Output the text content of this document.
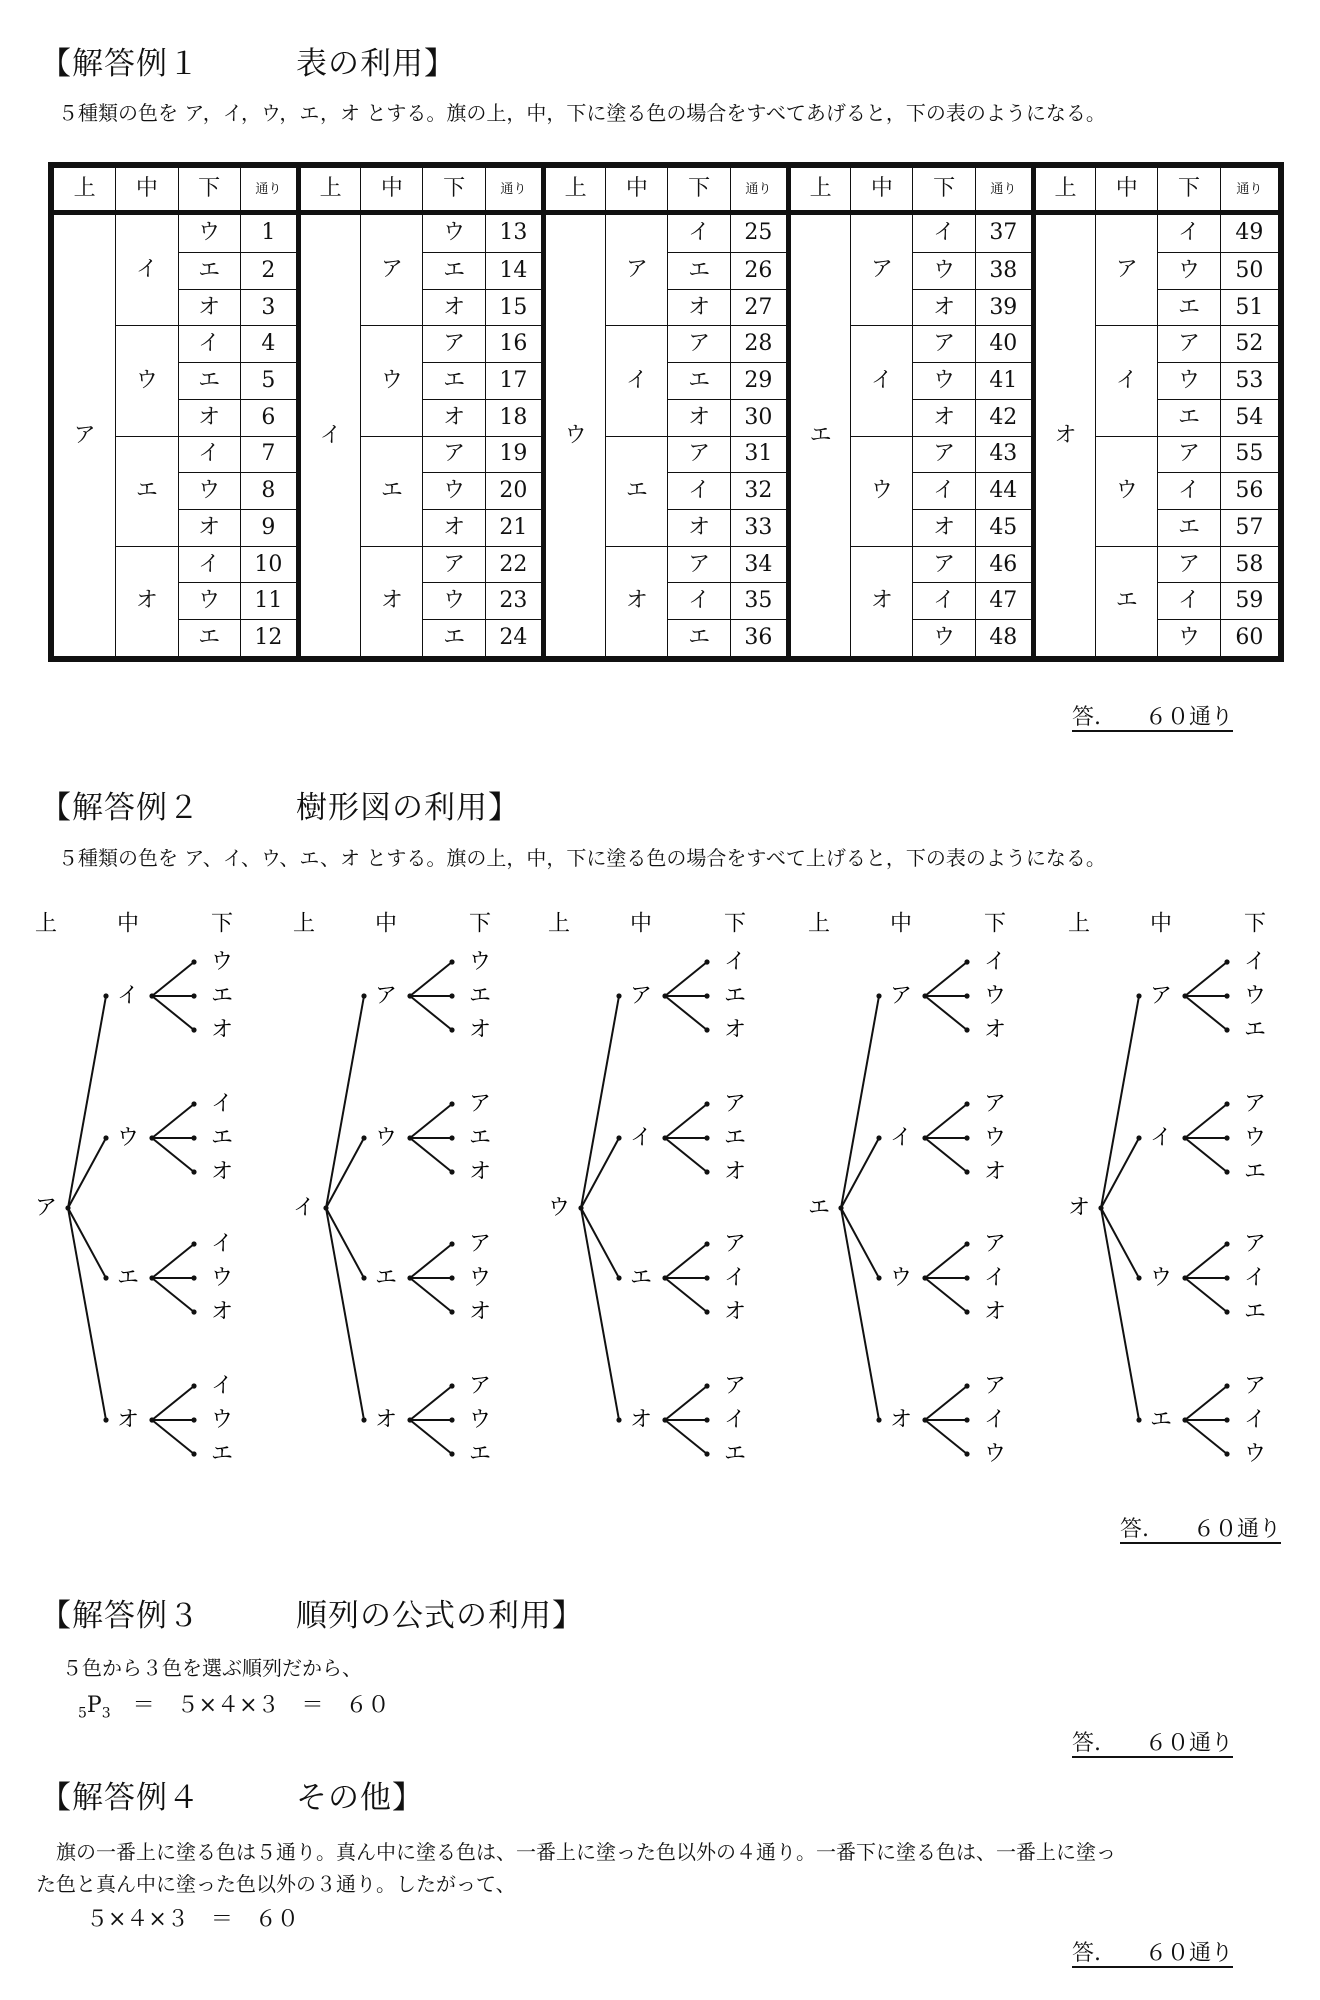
【解答例１　　　表の利用】
５種類の色を ア，イ，ウ，エ，オ とする。旗の上，中，下に塗る色の場合をすべてあげると，下の表のようになる。
上	中	下	通り	上	中	下	通り	上	中	下	通り	上	中	下	通り	上	中	下	通り
ア	イ	ウ	1	イ	ア	ウ	13	ウ	ア	イ	25	エ	ア	イ	37	オ	ア	イ	49
		エ	2			エ	14			エ	26			ウ	38			ウ	50
		オ	3			オ	15			オ	27			オ	39			エ	51
	ウ	イ	4		ウ	ア	16		イ	ア	28		イ	ア	40		イ	ア	52
		エ	5			エ	17			エ	29			ウ	41			ウ	53
		オ	6			オ	18			オ	30			オ	42			エ	54
	エ	イ	7		エ	ア	19		エ	ア	31		ウ	ア	43		ウ	ア	55
		ウ	8			ウ	20			イ	32			イ	44			イ	56
		オ	9			オ	21			オ	33			オ	45			エ	57
	オ	イ	10		オ	ア	22		オ	ア	34		オ	ア	46		エ	ア	58
		ウ	11			ウ	23			イ	35			イ	47			イ	59
		エ	12			エ	24			エ	36			ウ	48			ウ	60
答.　　６０通り
【解答例２　　　樹形図の利用】
５種類の色を ア、イ、ウ、エ、オ とする。旗の上，中，下に塗る色の場合をすべて上げると，下の表のようになる。
上	中	下
ア
イ
ウ
エ
オ
ウ
イ
エ
オ
エ
イ
ウ
オ
オ
イ
ウ
エ
上	中	下
イ
ア
ウ
エ
オ
ウ
ア
エ
オ
エ
ア
ウ
オ
オ
ア
ウ
エ
上	中	下
ウ
ア
イ
エ
オ
イ
ア
エ
オ
エ
ア
イ
オ
オ
ア
イ
エ
上	中	下
エ
ア
イ
ウ
オ
イ
ア
ウ
オ
ウ
ア
イ
オ
オ
ア
イ
ウ
上	中	下
オ
ア
イ
ウ
エ
イ
ア
ウ
エ
ウ
ア
イ
エ
エ
ア
イ
ウ
答.　　６０通り
【解答例３　　　順列の公式の利用】
５色から３色を選ぶ順列だから、
$_5P_3$　＝　５×４×３　＝　６０
答.　　６０通り
【解答例４　　　その他】
　旗の一番上に塗る色は５通り。真ん中に塗る色は、一番上に塗った色以外の４通り。一番下に塗る色は、一番上に塗っ
た色と真ん中に塗った色以外の３通り。したがって、
５×４×３　＝　６０
答.　　６０通り
